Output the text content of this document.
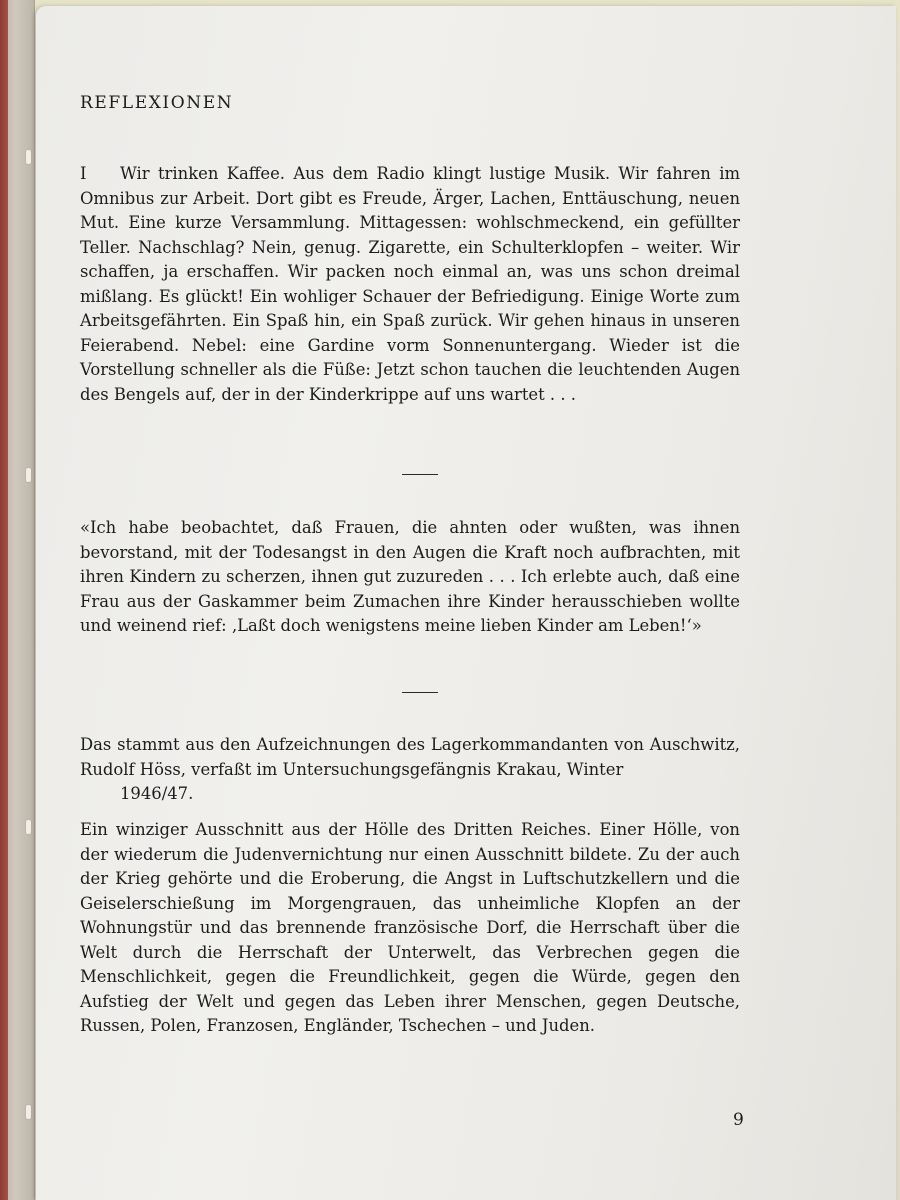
REFLEXIONEN

I Wir trinken Kaffee. Aus dem Radio klingt lustige Musik. Wir fahren im Omnibus zur Arbeit. Dort gibt es Freude, Ärger, Lachen, Enttäuschung, neuen Mut. Eine kurze Versammlung. Mittagessen: wohlschmeckend, ein gefüllter Teller. Nachschlag? Nein, genug. Zigarette, ein Schulterklopfen – weiter. Wir schaffen, ja erschaffen. Wir packen noch einmal an, was uns schon dreimal mißlang. Es glückt! Ein wohliger Schauer der Befriedigung. Einige Worte zum Arbeitsgefährten. Ein Spaß hin, ein Spaß zurück. Wir gehen hinaus in unseren Feierabend. Nebel: eine Gardine vorm Sonnenuntergang. Wieder ist die Vorstellung schneller als die Füße: Jetzt schon tauchen die leuchtenden Augen des Bengels auf, der in der Kinderkrippe auf uns wartet . . .

«Ich habe beobachtet, daß Frauen, die ahnten oder wußten, was ihnen bevorstand, mit der Todesangst in den Augen die Kraft noch aufbrachten, mit ihren Kindern zu scherzen, ihnen gut zuzureden . . . Ich erlebte auch, daß eine Frau aus der Gaskammer beim Zumachen ihre Kinder herausschieben wollte und weinend rief: ‚Laßt doch wenigstens meine lieben Kinder am Leben!‘»

Das stammt aus den Aufzeichnungen des Lagerkommandanten von Auschwitz, Rudolf Höss, verfaßt im Untersuchungsgefängnis Krakau, Winter
1946/47.

Ein winziger Ausschnitt aus der Hölle des Dritten Reiches. Einer Hölle, von der wiederum die Judenvernichtung nur einen Ausschnitt bildete. Zu der auch der Krieg gehörte und die Eroberung, die Angst in Luftschutzkellern und die Geiselerschießung im Morgengrauen, das unheimliche Klopfen an der Wohnungstür und das brennende französische Dorf, die Herrschaft über die Welt durch die Herrschaft der Unterwelt, das Verbrechen gegen die Menschlichkeit, gegen die Freundlichkeit, gegen die Würde, gegen den Aufstieg der Welt und gegen das Leben ihrer Menschen, gegen Deutsche, Russen, Polen, Franzosen, Engländer, Tschechen – und Juden.

9
